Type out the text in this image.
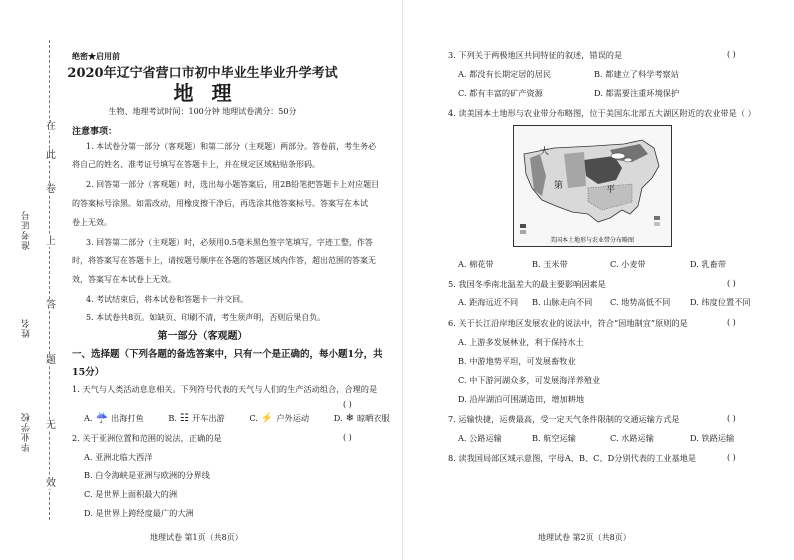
在
此
卷
上
答
题
无
效
准考证号
姓名
毕业学校
绝密★启用前
2020年辽宁省营口市初中毕业生毕业升学考试
地理
生物、地理考试时间：100分钟 地理试卷满分：50分
注意事项：
1. 本试卷分第一部分（客观题）和第二部分（主观题）两部分。答卷前，考生务必
将自己的姓名、准考证号填写在答题卡上，并在规定区域粘贴条形码。
2. 回答第一部分（客观题）时，选出每小题答案后，用2B铅笔把答题卡上对应题目
的答案标号涂黑。如需改动，用橡皮擦干净后，再选涂其他答案标号。答案写在本试
卷上无效。
3. 回答第二部分（主观题）时，必须用0.5毫米黑色签字笔填写，字迹工整，作答
时，将答案写在答题卡上，请按题号顺序在各题的答题区域内作答，超出范围的答案无
效，答案写在本试卷上无效。
4. 考试结束后，将本试卷和答题卡一并交回。
5. 本试卷共8页。如缺页、印刷不清，考生须声明，否则后果自负。
第一部分（客观题）
一、选择题（下列各题的备选答案中，只有一个是正确的，每小题1分，共
15分）
1. 天气与人类活动息息相关。下列符号代表的天气与人们的生产活动组合，合理的是
( )
A. ☔ 出海打鱼	B. ☷ 开车出游	C. ⚡ 户外运动	D. ❄ 晾晒衣服
2. 关于亚洲位置和范围的说法，正确的是	( )
A. 亚洲北临大西洋
B. 白令海峡是亚洲与欧洲的分界线
C. 是世界上面积最大的洲
D. 是世界上跨经度最广的大洲
地理试卷 第1页（共8页）
3. 下列关于两极地区共同特征的叙述，错误的是	( )
A. 都没有长期定居的居民	B. 都建立了科学考察站
C. 都有丰富的矿产资源	D. 都需要注重环境保护
4. 读美国本土地形与农业带分布略图，位于美国东北部五大湖区附近的农业带是（ ）
大
第	平
美国本土地形与农业带分布略图
A. 棉花带	B. 玉米带	C. 小麦带	D. 乳畜带
5. 我国冬季南北温差大的最主要影响因素是	( )
A. 距海远近不同 B. 山脉走向不同 C. 地势高低不同 D. 纬度位置不同
6. 关于长江沿岸地区发展农业的说法中，符合“因地制宜”原则的是	( )
A. 上游多发展林业，利于保持水土
B. 中游地势平坦，可发展畜牧业
C. 中下游河湖众多，可发展海洋养殖业
D. 沿岸湖泊可围湖造田，增加耕地
7. 运输快捷，运费最高，受一定天气条件限制的交通运输方式是	( )
A. 公路运输	B. 航空运输	C. 水路运输	D. 铁路运输
8. 读我国局部区域示意图，字母A、B、C、D分别代表的工业基地是	( )
地理试卷 第2页（共8页）
